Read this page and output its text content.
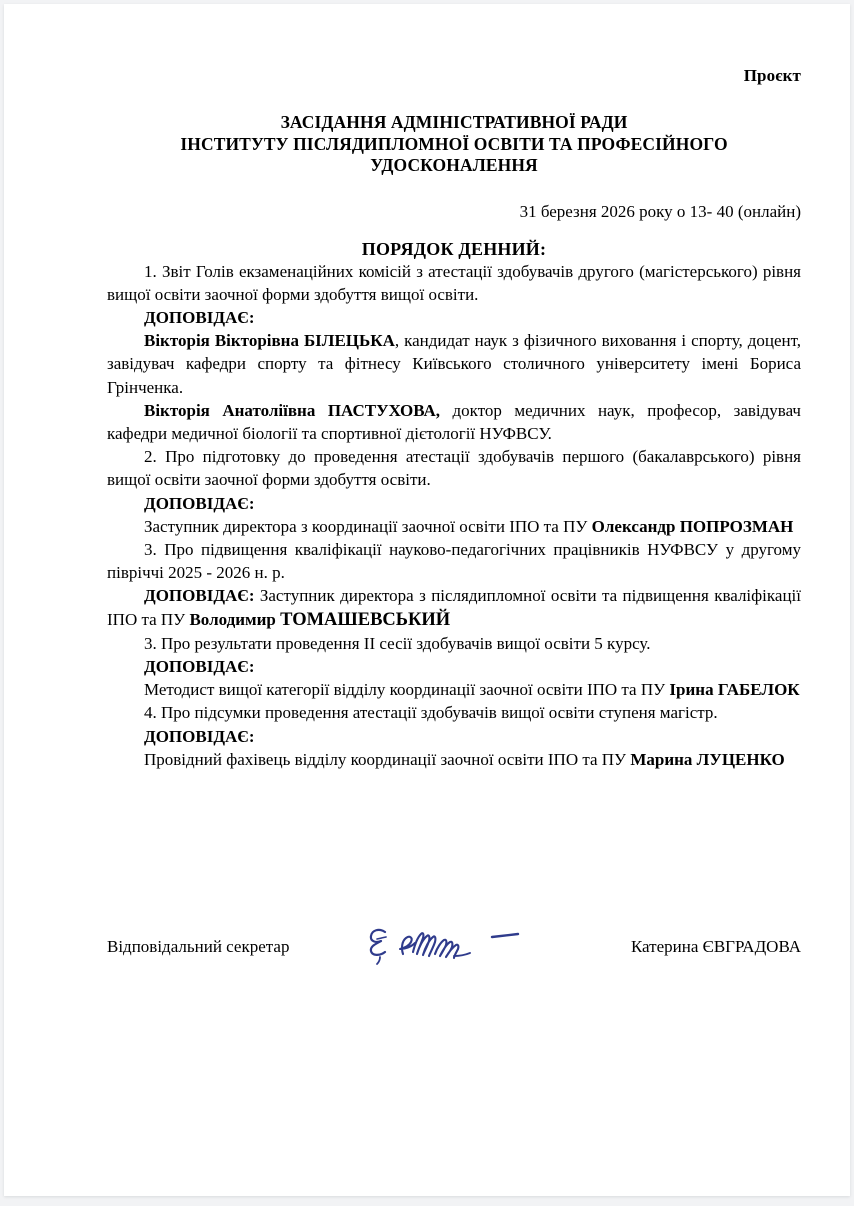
Проєкт
ЗАСІДАННЯ АДМІНІСТРАТИВНОЇ РАДИ
ІНСТИТУТУ ПІСЛЯДИПЛОМНОЇ ОСВІТИ ТА ПРОФЕСІЙНОГО
УДОСКОНАЛЕННЯ
31 березня 2026 року о 13- 40 (онлайн)
ПОРЯДОК ДЕННИЙ:

1. Звіт Голів екзаменаційних комісій з атестації здобувачів другого (магістерського) рівня вищої освіти заочної форми здобуття вищої освіти.

ДОПОВІДАЄ:

Вікторія Вікторівна БІЛЕЦЬКА, кандидат наук з фізичного виховання і спорту, доцент, завідувач кафедри спорту та фітнесу Київського столичного університету імені Бориса Грінченка.

Вікторія Анатоліївна ПАСТУХОВА, доктор медичних наук, професор, завідувач кафедри медичної біології та спортивної дієтології НУФВСУ.

2. Про підготовку до проведення атестації здобувачів першого (бакалаврського) рівня вищої освіти заочної форми здобуття освіти.

ДОПОВІДАЄ:

Заступник директора з координації заочної освіти ІПО та ПУ Олександр ПОПРОЗМАН

3. Про підвищення кваліфікації науково-педагогічних працівників НУФВСУ у другому півріччі 2025 - 2026 н. р.

ДОПОВІДАЄ: Заступник директора з післядипломної освіти та підвищення кваліфікації ІПО та ПУ Володимир ТОМАШЕВСЬКИЙ

3. Про результати проведення ІІ сесії здобувачів вищої освіти 5 курсу.

ДОПОВІДАЄ:

Методист вищої категорії відділу координації заочної освіти ІПО та ПУ Ірина ГАБЕЛОК

4. Про підсумки проведення атестації здобувачів вищої освіти ступеня магістр.

ДОПОВІДАЄ:

Провідний фахівець відділу координації заочної освіти ІПО та ПУ Марина ЛУЦЕНКО

Відповідальний секретар	Катерина ЄВГРАДОВА
